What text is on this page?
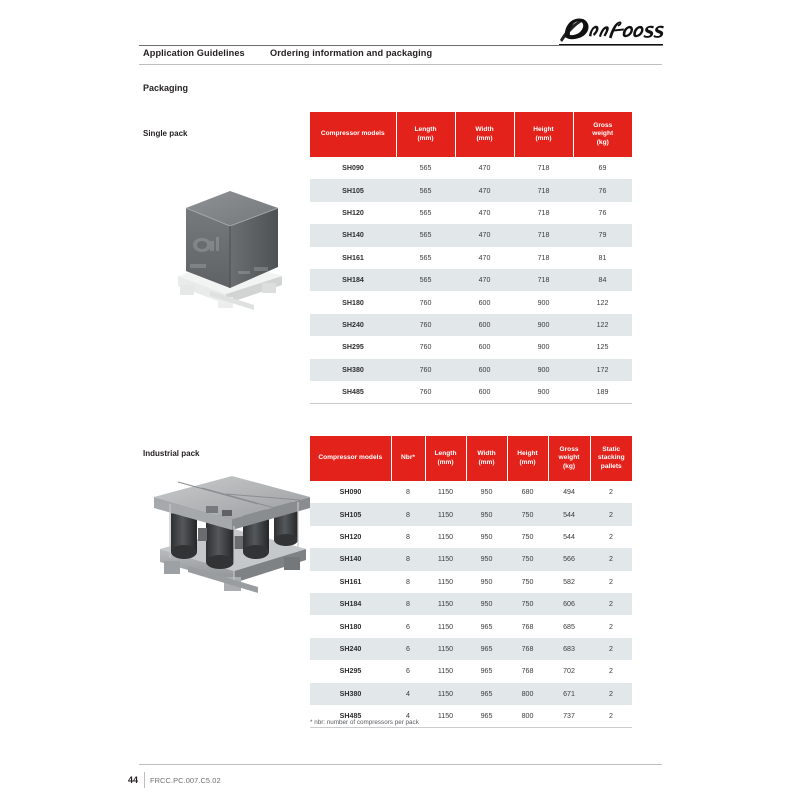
Application Guidelines	Ordering information and packaging
Packaging
Single pack	Compressor models	Length
(mm)	Width
(mm)	Height
(mm)	Gross
weight
(kg)

SH090	565	470	718	69
SH105	565	470	718	76
SH120	565	470	718	76
SH140	565	470	718	79
SH161	565	470	718	81
SH184	565	470	718	84
SH180	760	600	900	122
SH240	760	600	900	122
SH295	760	600	900	125
SH380	760	600	900	172
SH485	760	600	900	189
Industrial pack	Compressor models	Nbr*	Length
(mm)	Width
(mm)	Height
(mm)	Gross
weight
(kg)	Static
stacking
pallets

SH090	8	1150	950	680	494	2
SH105	8	1150	950	750	544	2
SH120	8	1150	950	750	544	2
SH140	8	1150	950	750	566	2
SH161	8	1150	950	750	582	2
SH184	8	1150	950	750	606	2
SH180	6	1150	965	768	685	2
SH240	6	1150	965	768	683	2
SH295	6	1150	965	768	702	2
SH380	4	1150	965	800	671	2
SH485	4	1150	965	800	737	2
* nbr: number of compressors per pack
44 FRCC.PC.007.C5.02
